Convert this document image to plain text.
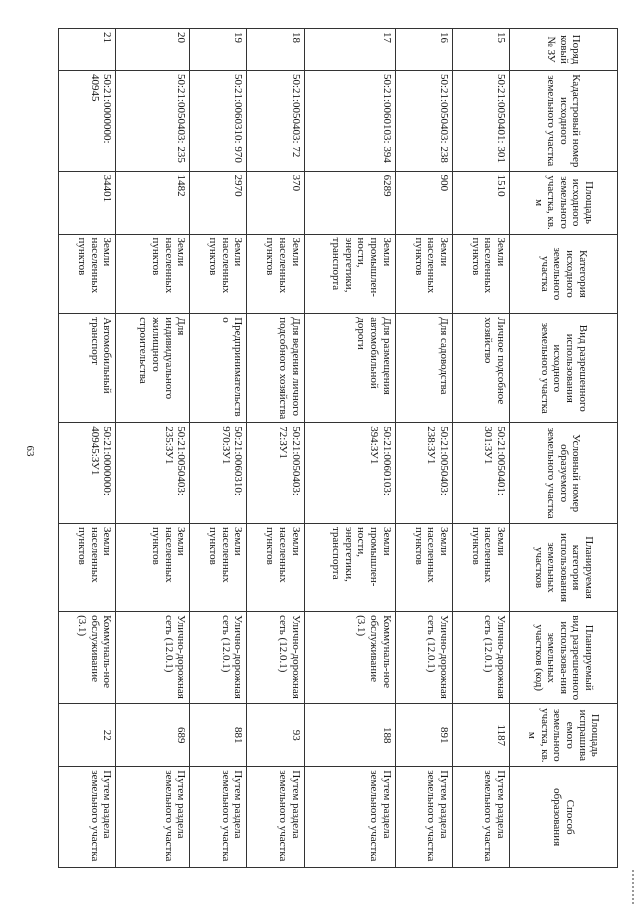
63
Порядковый № ЗУ	Кадастровый номер исходного земельного участка	Площадь исходного земельного участка, кв. м	Категория исходного земельного участка	Вид разрешенного использования исходного земельного участка	Условный номер образуемого земельного участка	Планируемая категория использования земельных участков	Планируемый вид разрешенного использова-ния земельных участков (код)	Площадь испрашиваемого земельного участка, кв. м	Способ образования
15	50:21:0050401: 301	1510	Земли населенных пунктов	Личное подсобное хозяйство	50:21:0050401: 301:ЗУ1	Земли населенных пунктов	Улично-дорожная сеть (12.0.1)	1187	Путем раздела земельного участка
16	50:21:0050403: 238	900	Земли населенных пунктов	Для садоводства	50:21:0050403: 238:ЗУ1	Земли населенных пунктов	Улично-дорожная сеть (12.0.1)	891	Путем раздела земельного участка
17	50:21:0060103: 394	6289	Земли промышлен-ности, энергетики, транспорта	Для размещения автомобильной дороги	50:21:0060103: 394:ЗУ1	Земли промышлен-ности, энергетики, транспорта	Коммуналь-ное обслуживание (3.1)	188	Путем раздела земельного участка
18	50:21:0050403: 72	370	Земли населенных пунктов	Для ведения личного подсобного хозяйства	50:21:0050403: 72:ЗУ1	Земли населенных пунктов	Улично-дорожная сеть (12.0.1)	93	Путем раздела земельного участка
19	50:21:0060310: 970	2970	Земли населенных пунктов	Предпринимательство	50:21:0060310: 970:ЗУ1	Земли населенных пунктов	Улично-дорожная сеть (12.0.1)	881	Путем раздела земельного участка
20	50:21:0050403: 235	1482	Земли населенных пунктов	Для индивидуального жилищного строительства	50:21:0050403: 235:ЗУ1	Земли населенных пунктов	Улично-дорожная сеть (12.0.1)	689	Путем раздела земельного участка
21	50:21:0000000: 40945	34401	Земли населенных пунктов	Автомобильный транспорт	50:21:0000000: 40945:ЗУ1	Земли населенных пунктов	Коммуналь-ное обслуживание (3.1)	22	Путем раздела земельного участка
